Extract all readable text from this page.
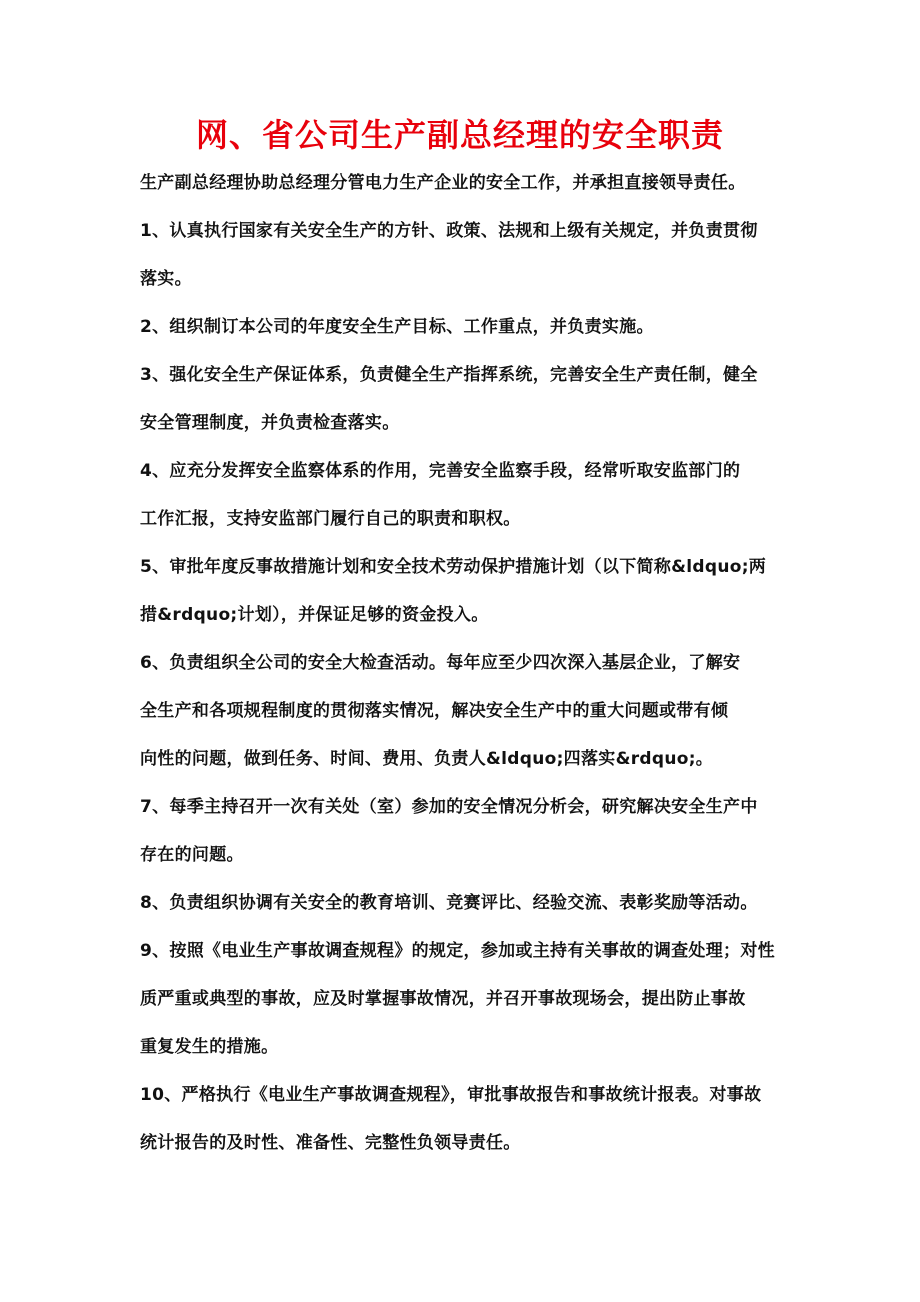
网、省公司生产副总经理的安全职责
生产副总经理协助总经理分管电力生产企业的安全工作，并承担直接领导责任。
1、认真执行国家有关安全生产的方针、政策、法规和上级有关规定，并负责贯彻
落实。
2、组织制订本公司的年度安全生产目标、工作重点，并负责实施。
3、强化安全生产保证体系，负责健全生产指挥系统，完善安全生产责任制，健全
安全管理制度，并负责检查落实。
4、应充分发挥安全监察体系的作用，完善安全监察手段，经常听取安监部门的
工作汇报，支持安监部门履行自己的职责和职权。
5、审批年度反事故措施计划和安全技术劳动保护措施计划（以下简称&ldquo;两
措&rdquo;计划），并保证足够的资金投入。
6、负责组织全公司的安全大检查活动。每年应至少四次深入基层企业，了解安
全生产和各项规程制度的贯彻落实情况，解决安全生产中的重大问题或带有倾
向性的问题，做到任务、时间、费用、负责人&ldquo;四落实&rdquo;。
7、每季主持召开一次有关处（室）参加的安全情况分析会，研究解决安全生产中
存在的问题。
8、负责组织协调有关安全的教育培训、竞赛评比、经验交流、表彰奖励等活动。
9、按照《电业生产事故调查规程》的规定，参加或主持有关事故的调查处理；对性
质严重或典型的事故，应及时掌握事故情况，并召开事故现场会，提出防止事故
重复发生的措施。
10、严格执行《电业生产事故调查规程》，审批事故报告和事故统计报表。对事故
统计报告的及时性、准备性、完整性负领导责任。
